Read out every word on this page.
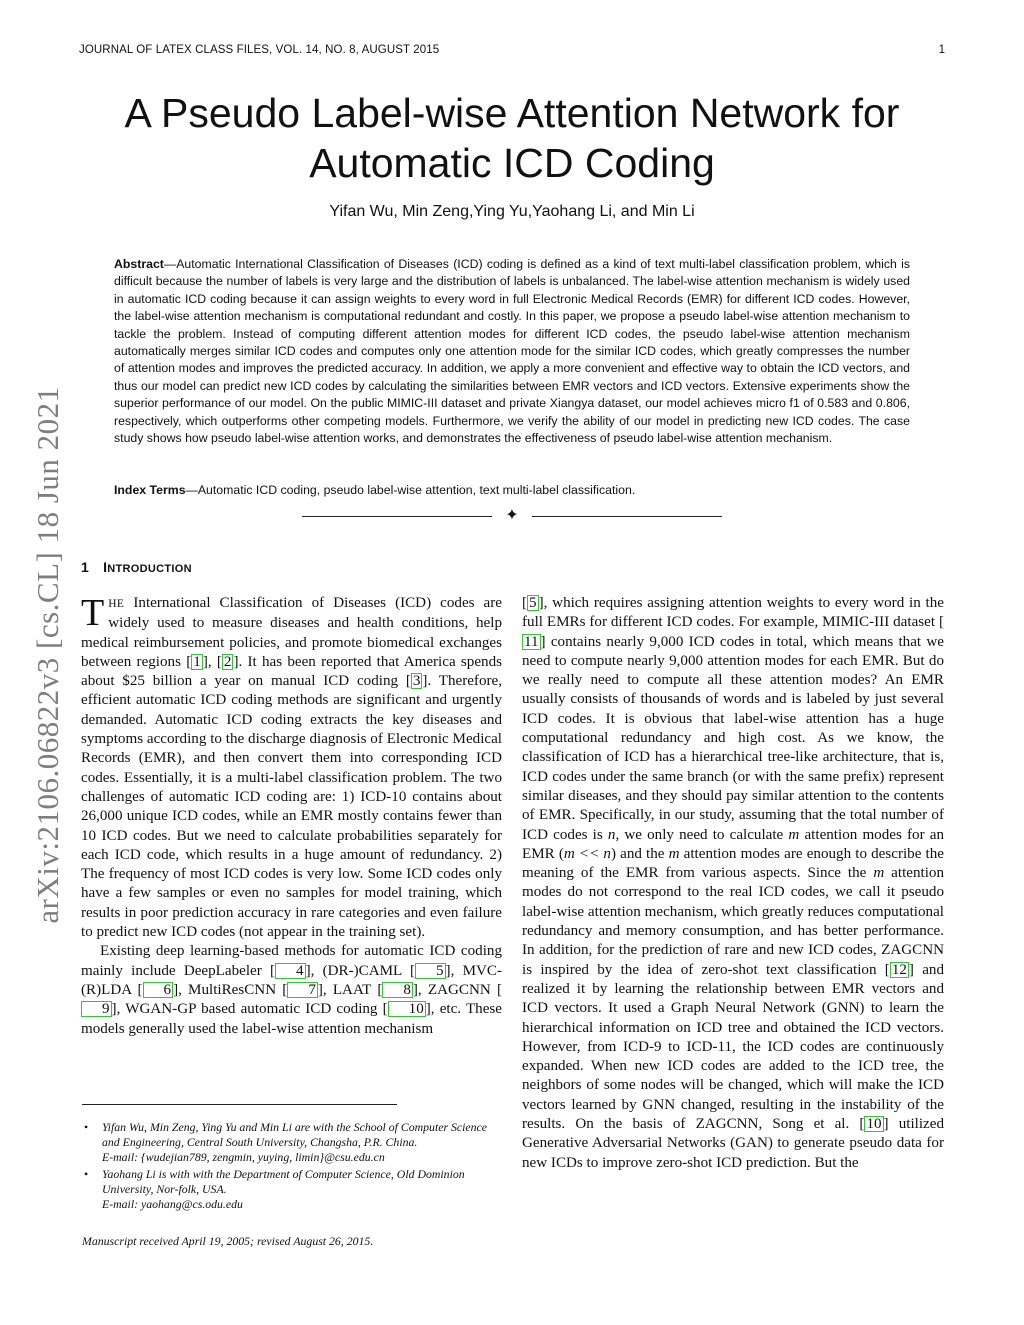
JOURNAL OF LATEX CLASS FILES, VOL. 14, NO. 8, AUGUST 2015	1
arXiv:2106.06822v3 [cs.CL] 18 Jun 2021
A Pseudo Label-wise Attention Network for
Automatic ICD Coding
Yifan Wu, Min Zeng,Ying Yu,Yaohang Li, and Min Li
Abstract—Automatic International Classification of Diseases (ICD) coding is defined as a kind of text multi-label classification problem, which is difficult because the number of labels is very large and the distribution of labels is unbalanced. The label-wise attention mechanism is widely used in automatic ICD coding because it can assign weights to every word in full Electronic Medical Records (EMR) for different ICD codes. However, the label-wise attention mechanism is computational redundant and costly. In this paper, we propose a pseudo label-wise attention mechanism to tackle the problem. Instead of computing different attention modes for different ICD codes, the pseudo label-wise attention mechanism automatically merges similar ICD codes and computes only one attention mode for the similar ICD codes, which greatly compresses the number of attention modes and improves the predicted accuracy. In addition, we apply a more convenient and effective way to obtain the ICD vectors, and thus our model can predict new ICD codes by calculating the similarities between EMR vectors and ICD vectors. Extensive experiments show the superior performance of our model. On the public MIMIC-III dataset and private Xiangya dataset, our model achieves micro f1 of 0.583 and 0.806, respectively, which outperforms other competing models. Furthermore, we verify the ability of our model in predicting new ICD codes. The case study shows how pseudo label-wise attention works, and demonstrates the effectiveness of pseudo label-wise attention mechanism.
Index Terms—Automatic ICD coding, pseudo label-wise attention, text multi-label classification.
✦
1 INTRODUCTION

THE International Classification of Diseases (ICD) codes are widely used to measure diseases and health conditions, help medical reimbursement policies, and promote biomedical exchanges between regions [ 1 ], [ 2 ]. It has been reported that America spends about $25 billion a year on manual ICD coding [ 3 ]. Therefore, efficient automatic ICD coding methods are significant and urgently demanded. Automatic ICD coding extracts the key diseases and symptoms according to the discharge diagnosis of Electronic Medical Records (EMR), and then convert them into corresponding ICD codes. Essentially, it is a multi-label classification problem. The two challenges of automatic ICD coding are: 1) ICD-10 contains about 26,000 unique ICD codes, while an EMR mostly contains fewer than 10 ICD codes. But we need to calculate probabilities separately for each ICD code, which results in a huge amount of redundancy. 2) The frequency of most ICD codes is very low. Some ICD codes only have a few samples or even no samples for model training, which results in poor prediction accuracy in rare categories and even failure to predict new ICD codes (not appear in the training set).

Existing deep learning-based methods for automatic ICD coding mainly include DeepLabeler [ 4 ], (DR-)CAML [ 5 ], MVC-(R)LDA [ 6 ], MultiResCNN [ 7 ], LAAT [ 8 ], ZAGCNN [9 ], WGAN-GP based automatic ICD coding [ 10 ], etc. These models generally used the label-wise attention mechanism

[ 5 ], which requires assigning attention weights to every word in the full EMRs for different ICD codes. For example, MIMIC-III dataset [11 ] contains nearly 9,000 ICD codes in total, which means that we need to compute nearly 9,000 attention modes for each EMR. But do we really need to compute all these attention modes? An EMR usually consists of thousands of words and is labeled by just several ICD codes. It is obvious that label-wise attention has a huge computational redundancy and high cost. As we know, the classification of ICD has a hierarchical tree-like architecture, that is, ICD codes under the same branch (or with the same prefix) represent similar diseases, and they should pay similar attention to the contents of EMR. Specifically, in our study, assuming that the total number of ICD codes is n, we only need to calculate m attention modes for an EMR (m << n) and the m attention modes are enough to describe the meaning of the EMR from various aspects. Since the m attention modes do not correspond to the real ICD codes, we call it pseudo label-wise attention mechanism, which greatly reduces computational redundancy and memory consumption, and has better performance. In addition, for the prediction of rare and new ICD codes, ZAGCNN is inspired by the idea of zero-shot text classification [ 12 ] and realized it by learning the relationship between EMR vectors and ICD vectors. It used a Graph Neural Network (GNN) to learn the hierarchical information on ICD tree and obtained the ICD vectors. However, from ICD-9 to ICD-11, the ICD codes are continuously expanded. When new ICD codes are added to the ICD tree, the neighbors of some nodes will be changed, which will make the ICD vectors learned by GNN changed, resulting in the instability of the results. On the basis of ZAGCNN, Song et al. [ 10 ] utilized Generative Adversarial Networks (GAN) to generate pseudo data for new ICDs to improve zero-shot ICD prediction. But the

• Yifan Wu, Min Zeng, Ying Yu and Min Li are with the School of Computer Science and Engineering, Central South University, Changsha, P.R. China.
E-mail: {wudejian789, zengmin, yuying, limin}@csu.edu.cn
• Yaohang Li is with with the Department of Computer Science, Old Dominion University, Nor-folk, USA.
E-mail: yaohang@cs.odu.edu
Manuscript received April 19, 2005; revised August 26, 2015.
